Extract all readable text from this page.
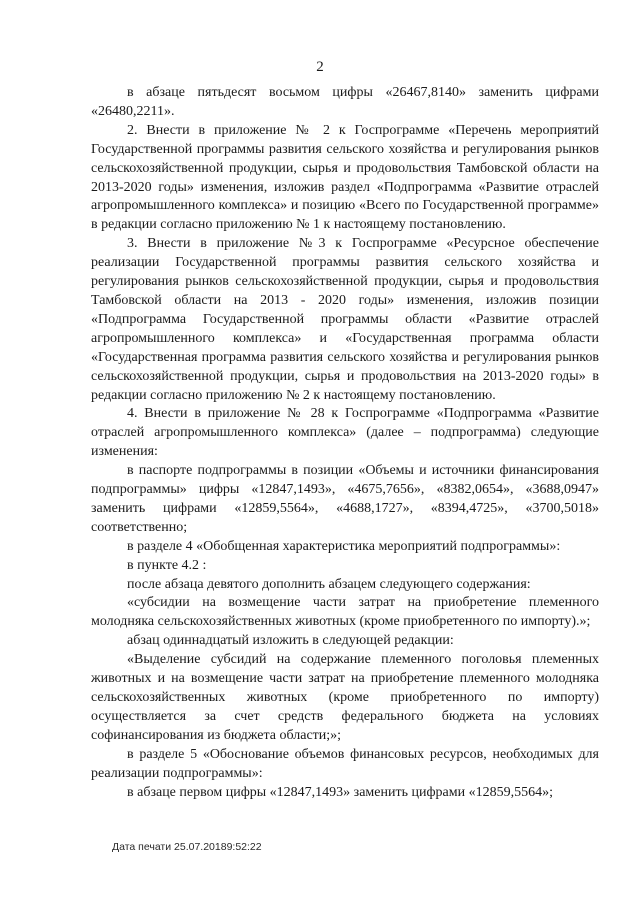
2

в абзаце пятьдесят восьмом цифры «26467,8140» заменить цифрами «26480,2211».

2. Внести в приложение № 2 к Госпрограмме «Перечень мероприятий Государственной программы развития сельского хозяйства и регулирования рынков сельскохозяйственной продукции, сырья и продовольствия Тамбовской области на 2013-2020 годы» изменения, изложив раздел «Подпрограмма «Развитие отраслей агропромышленного комплекса» и позицию «Всего по Государственной программе» в редакции согласно приложению № 1 к настоящему постановлению.

3. Внести в приложение №3 к Госпрограмме «Ресурсное обеспечение реализации Государственной программы развития сельского хозяйства и регулирования рынков сельскохозяйственной продукции, сырья и продовольствия Тамбовской области на 2013 - 2020 годы» изменения, изложив позиции «Подпрограмма Государственной программы области «Развитие отраслей агропромышленного комплекса» и «Государственная программа области «Государственная программа развития сельского хозяйства и регулирования рынков сельскохозяйственной продукции, сырья и продовольствия на 2013-2020 годы» в редакции согласно приложению № 2 к настоящему постановлению.

4. Внести в приложение № 28 к Госпрограмме «Подпрограмма «Развитие отраслей агропромышленного комплекса» (далее – подпрограмма) следующие изменения:

в паспорте подпрограммы в позиции «Объемы и источники финансирования подпрограммы» цифры «12847,1493», «4675,7656», «8382,0654», «3688,0947» заменить цифрами «12859,5564», «4688,1727», «8394,4725», «3700,5018» соответственно;

в разделе 4 «Обобщенная характеристика мероприятий подпрограммы»:

в пункте 4.2 :

после абзаца девятого дополнить абзацем следующего содержания:

«субсидии на возмещение части затрат на приобретение племенного молодняка сельскохозяйственных животных (кроме приобретенного по импорту).»;

абзац одиннадцатый изложить в следующей редакции:

«Выделение субсидий на содержание племенного поголовья племенных животных и на возмещение части затрат на приобретение племенного молодняка сельскохозяйственных животных (кроме приобретенного по импорту) осуществляется за счет средств федерального бюджета на условиях софинансирования из бюджета области;»;

в разделе 5 «Обоснование объемов финансовых ресурсов, необходимых для реализации подпрограммы»:

в абзаце первом цифры «12847,1493» заменить цифрами «12859,5564»;

Дата печати 25.07.20189:52:22
